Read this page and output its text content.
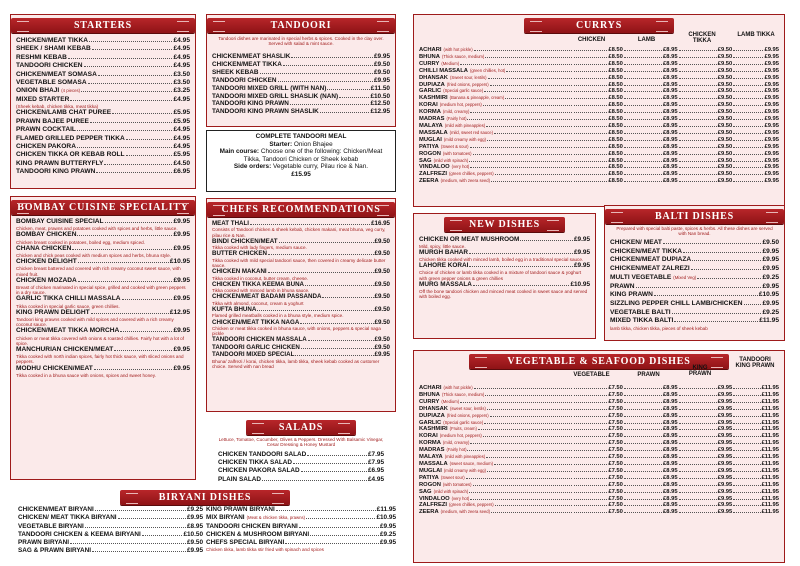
STARTERS
CHICKEN/MEAT TIKKA	£4.95
SHEEK / SHAMI KEBAB	£4.95
RESHMI KEBAB	£4.95
TANDOORI CHICKEN	£4.95
CHICKEN/MEAT SOMASA	£3.50
VEGETABLE SOMASA	£3.50
ONION BHAJI (4 pieces)	£3.25
MIXED STARTER	£4.95
(Sheek kebab, chicken tikka, meat tikka)
CHICKEN/LAMB CHAT PUREE	£5.95
PRAWN BAJEE PUREE	£5.95
PRAWN COCKTAIL	£4.95
FLAMED GRILLED PEPPER TIKKA	£4.95
CHICKEN PAKORA	£4.95
CHICKEN TIKKA OR KEBAB ROLL	£5.95
KING PRAWN BUTTERYFLY	£4.50
TANDOORI KING PRAWN	£6.95
TANDOORI
Tandoori dishes are marinated in special herbs & spices. Cooked in the clay over. Served with salad & mint sauce.
CHICKEN/MEAT SHASLIK	£9.95
CHICKEN/MEAT TIKKA	£9.50
SHEEK KEBAB	£9.50
TANDOORI CHICKEN	£9.95
TANDOORI MIXED GRILL (WITH NAN)	£11.50
TANDOORI MIXED GRILL SHASLIK (NAN)	£10.50
TANDOORI KING PRAWN	£12.50
TANDOORI KING PRAWN SHASLIK	£12.95
COMPLETE TANDOORI MEAL
Starter: Onion Bhajee
Main course: Choose one of the following: Chicken/Meat Tikka, Tandoori Chicken or Sheek kebab
Side orders: Vegetable curry, Pilau rice & Nan.
£15.95
BOMBAY CUISINE SPECIALITY
BOMBAY CUISINE SPECIAL	£9.95
Chicken, meat, prawns and potatoes cooked with spices and herbs, little sauce.
BOMBAY CHICKEN	£9.95
Chicken breast cooked in potatoes, boiled egg, medium spiced.
CHANA CHICKEN	£9.95
Chicken and chick peas cooked with medium spices and herbs, bhuna style.
CHICKEN DELIGHT	£10.95
Chicken breast battered and covered with rich creamy coconut sweet sauce, with mixed fruit.
CHICKEN MOZADA	£9.95
Breast of chicken marinated in special spice, grilled and cooked with green peppers in a dry sauce.
GARLIC TIKKA CHILLI MASSALA	£9.95
Tikka cooked in special garlic sauce, green chillies.
KING PRAWN DELIGHT	£12.95
Tandoori king prawns cooked with mild spices and covered with a rich creamy coconut sauce.
CHICKEN/MEAT TIKKA MORCHA	£9.95
Chicken or meat tikka covered with onions & roasted chillies. Fairly hot with a lot of spice.
MANCHURIAN CHICKEN/MEAT	£9.95
Tikka cooked with north indian spices, fairly hot thick sauce, with sliced onions and peppers.
MODHU CHICKEN/MEAT	£9.95
Tikka cooked in a bhuna sauce with onions, spices and sweet honey.
CHEFS RECOMMENDATIONS
MEAT THALI	£16.95
Consists of Tandoori chicken & sheek kebab, chicken makani, meat bhuna, veg curry, pilau rice & Nan.
BINDI CHICKEN/MEAT	£9.50
Tikka cooked with lady fingers, medium sauce.
BUTTER CHICKEN	£9.50
Tikka cooked with mild special tandoori sauce, then covered in creamy delicate butter sauce.
CHICKEN MAKANI	£9.50
Tikka cooked in coconut, butter cream, cheese.
CHICKEN TIKKA KEEMA BUNA	£9.50
Tikka cooked with minced lamb in bhuna sauce.
CHICKEN/MEAT BADAMI PASSANDA	£9.50
Tikka with almond, coconut, cream & yoghurt
KUFTA BHUNA	£9.50
Flamed grilled meatballs cooked in a bhuna style, medium spice.
CHICKEN/MEAT TIKKA NAGA	£9.50
Chicken or meat tikka cooked in bhuna sauce, with onions, peppers & special naga pickle
TANDOORI CHICKEN MASSALA	£9.50
TANDOORI GARLIC CHICKEN	£9.50
TANDOORI MIXED SPECIAL	£9.95
Bhuna/ zalfrezi / korai, chicken tikka, lamb tikka, sheek kebab cooked as customer choice. Served with nan bread
SALADS
Lettuce, Tomatoe, Cucumber, Olives & Peppers. Dressed With Balsamic Vinegar, Cesar Dressing & Honey Mustard
CHICKEN TANDOORI SALAD	£7.95
CHICKEN TIKKA SALAD	£7.95
CHICKEN PAKORA SALAD	£6.95
PLAIN SALAD	£4.95
BIRYANI DISHES
CHICKEN/MEAT BIRYANI	£9.25
CHICKEN/ MEAT TIKKA BIRYANI	£9.95
VEGETABLE BIRYANI	£8.95
TANDOORI CHICKEN & KEEMA BIRYANI	£10.50
PRAWN BIRYANI	£9.50
SAG & PRAWN BIRYANI	£9.95
KING PRAWN BIRYANI	£11.95
MIX BIRYANI (Meat & chicken tikka, prawns)	£10.95
TANDOORI CHICKEN BIRYANI	£9.95
CHICKEN & MUSHROOM BIRYANI	£9.25
CHEFS SPECIAL BIRYANI	£9.95
Chicken tikka, lamb tikka stir fried with spinach and spices
CURRYS
CHICKEN	LAMB
CHICKEN TIKKA
LAMB TIKKA
ACHARI (with hot pickle)	£8.50	£8.95	£9.50	£9.95
BHUNA (Thick sauce, medium)	£8.50	£8.95	£9.50	£9.95
CURRY (Medium)	£8.50	£8.95	£9.50	£9.95
CHILLI MASSALA (green chillies, hot)	£8.50	£8.95	£9.50	£9.95
DHANSAK (Sweet sour, lentils)	£8.50	£8.95	£9.50	£9.95
DUPIAZA (fried onions, peppers)	£8.50	£8.95	£9.50	£9.95
GARLIC (Special garlic sauce)	£8.50	£8.95	£9.50	£9.95
KASHMIRI (Banana & pineapple, cream)	£8.50	£8.95	£9.50	£9.95
KORAI (medium hot, peppers)	£8.50	£8.95	£9.50	£9.95
KORMA (mild, creamy)	£8.50	£8.95	£9.50	£9.95
MADRAS (Fairly hot)	£8.50	£8.95	£9.50	£9.95
MALAYA (mild with pineapples)	£8.50	£8.95	£9.50	£9.95
MASSALA (mild, sweet red sauce)	£8.50	£8.95	£9.50	£9.95
MUGLAI (mild creamy with egg)	£8.50	£8.95	£9.50	£9.95
PATIYA (Sweet & sour)	£8.50	£8.95	£9.50	£9.95
ROGON (with tomatoes)	£8.50	£8.95	£9.50	£9.95
SAG (mild with spinach)	£8.50	£8.95	£9.50	£9.95
VINDALOO (very hot)	£8.50	£8.95	£9.50	£9.95
ZALFREZI (green chillies, peppers)	£8.50	£8.95	£9.50	£9.95
ZEERA (medium, with zeera seed)	£8.50	£8.95	£9.50	£9.95
NEW DISHES
CHICKEN OR MEAT MUSHROOM	£9.95
Mild, spicy, little sauce.
MURGH BAHAR	£9.95
Chicken tikka cooked with minced lamb, boiled egg in a traditional special sauce.
LAHORE KORAI	£9.95
Choice of chicken or lamb tikka cooked in a mixture of tandoori sauce & yoghurt with green pepper onions & green chillies
MURG MASSALA	£10.95
Off the bone tandoori chicken and minced meat cooked in sweet sauce and served with boiled egg.
BALTI DISHES
Prepared with special balti paste, spices & herbs. All these dishes are served with Nan bread.
CHICKEN/ MEAT	£9.50
CHICKEN/MEAT TIKKA	£9.95
CHICKEN/MEAT DUPIAZA	£9.95
CHICKEN/MEAT ZALREZI	£9.95
MULTI VEGETABLE (Mixed Veg)	£9.25
PRAWN	£9.95
KING PRAWN	£10.95
SIZZLING PEPPER CHILL LAMB/CHICKEN	£9.95
VEGETABLE BALTI	£9.25
MIXED TIKKA BALTI	£11.95
lamb tikka, chicken tikka, pieces of sheek kebab
VEGETABLE & SEAFOOD DISHES
VEGETABLE	PRAWN
KING PRAWN
TANDOORI KING PRAWN
ACHARI (with hot pickle)	£7.50	£8.95	£9.95	£11.95
BHUNA (Thick sauce, medium)	£7.50	£8.95	£9.95	£11.95
CURRY (Medium)	£7.50	£8.95	£9.95	£11.95
DHANSAK (sweet sour, lentils)	£7.50	£8.95	£9.95	£11.95
DUPIAZA (fried onions, peppers)	£7.50	£8.95	£9.95	£11.95
GARLIC (Special garlic sauce)	£7.50	£8.95	£9.95	£11.95
KASHMIRI (Fruits, cream)	£7.50	£8.95	£9.95	£11.95
KORAI (medium hot, peppers)	£7.50	£8.95	£9.95	£11.95
KORMA (mild, creamy)	£7.50	£8.95	£9.95	£11.95
MADRAS (Fairly hot)	£7.50	£8.95	£9.95	£11.95
MALAYA (mild with pineapples)	£7.50	£8.95	£9.95	£11.95
MASSALA (sweet sauce, medium)	£7.50	£8.95	£9.95	£11.95
MUGLAI (mild creamy with egg)	£7.50	£8.95	£9.95	£11.95
PATIYA (Sweet sour)	£7.50	£8.95	£9.95	£11.95
ROGON (with tomatoes)	£7.50	£8.95	£9.95	£11.95
SAG (mild with spinach)	£7.50	£8.95	£9.95	£11.95
VINDALOO (very hot)	£7.50	£8.95	£9.95	£11.95
ZALFREZI (green chillies, peppers)	£7.50	£8.95	£9.95	£11.95
ZEERA (medium, with zeera seed)	£7.50	£8.95	£9.95	£11.95
